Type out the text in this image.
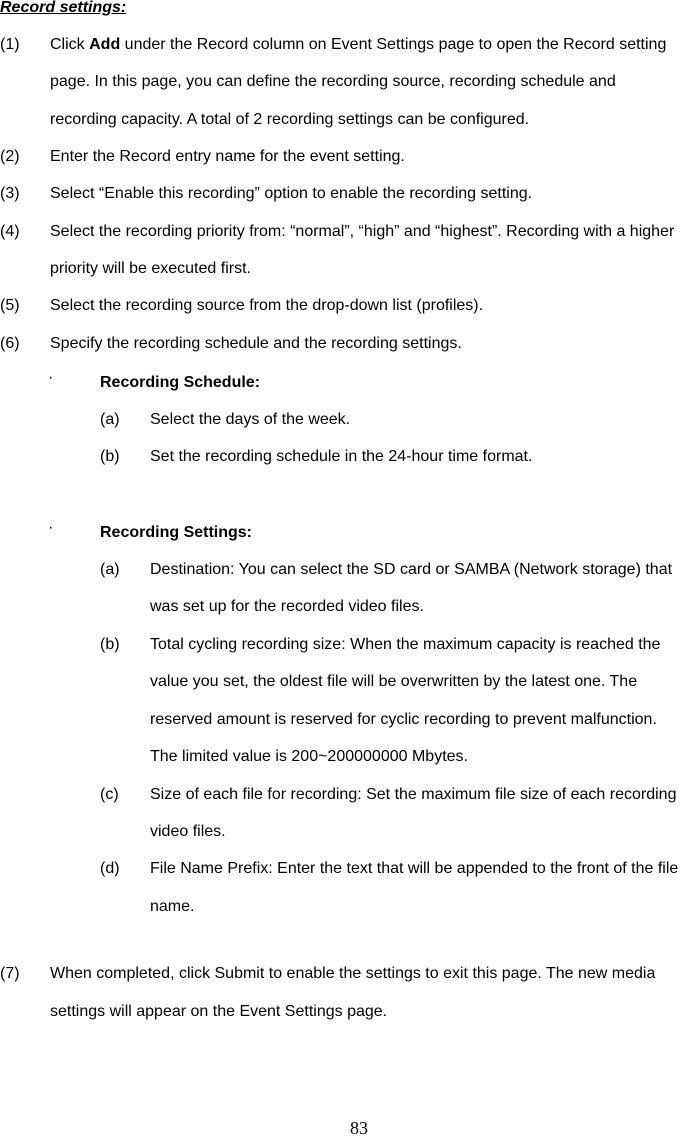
Record settings:
(1)	Click Add under the Record column on Event Settings page to open the Record setting
page. In this page, you can define the recording source, recording schedule and
recording capacity. A total of 2 recording settings can be configured.
(2)	Enter the Record entry name for the event setting.
(3)	Select “Enable this recording” option to enable the recording setting.
(4)	Select the recording priority from: “normal”, “high” and “highest”. Recording with a higher
priority will be executed first.
(5)	Select the recording source from the drop-down list (profiles).
(6)	Specify the recording schedule and the recording settings.
·	Recording Schedule:
(a) Select the days of the week.
(b) Set the recording schedule in the 24-hour time format.
·	Recording Settings:
(a) Destination: You can select the SD card or SAMBA (Network storage) that
was set up for the recorded video files.
(b) Total cycling recording size: When the maximum capacity is reached the
value you set, the oldest file will be overwritten by the latest one. The
reserved amount is reserved for cyclic recording to prevent malfunction.
The limited value is 200~200000000 Mbytes.
(c) Size of each file for recording: Set the maximum file size of each recording
video files.
(d) File Name Prefix: Enter the text that will be appended to the front of the file
name.
(7)	When completed, click Submit to enable the settings to exit this page. The new media
settings will appear on the Event Settings page.
83
